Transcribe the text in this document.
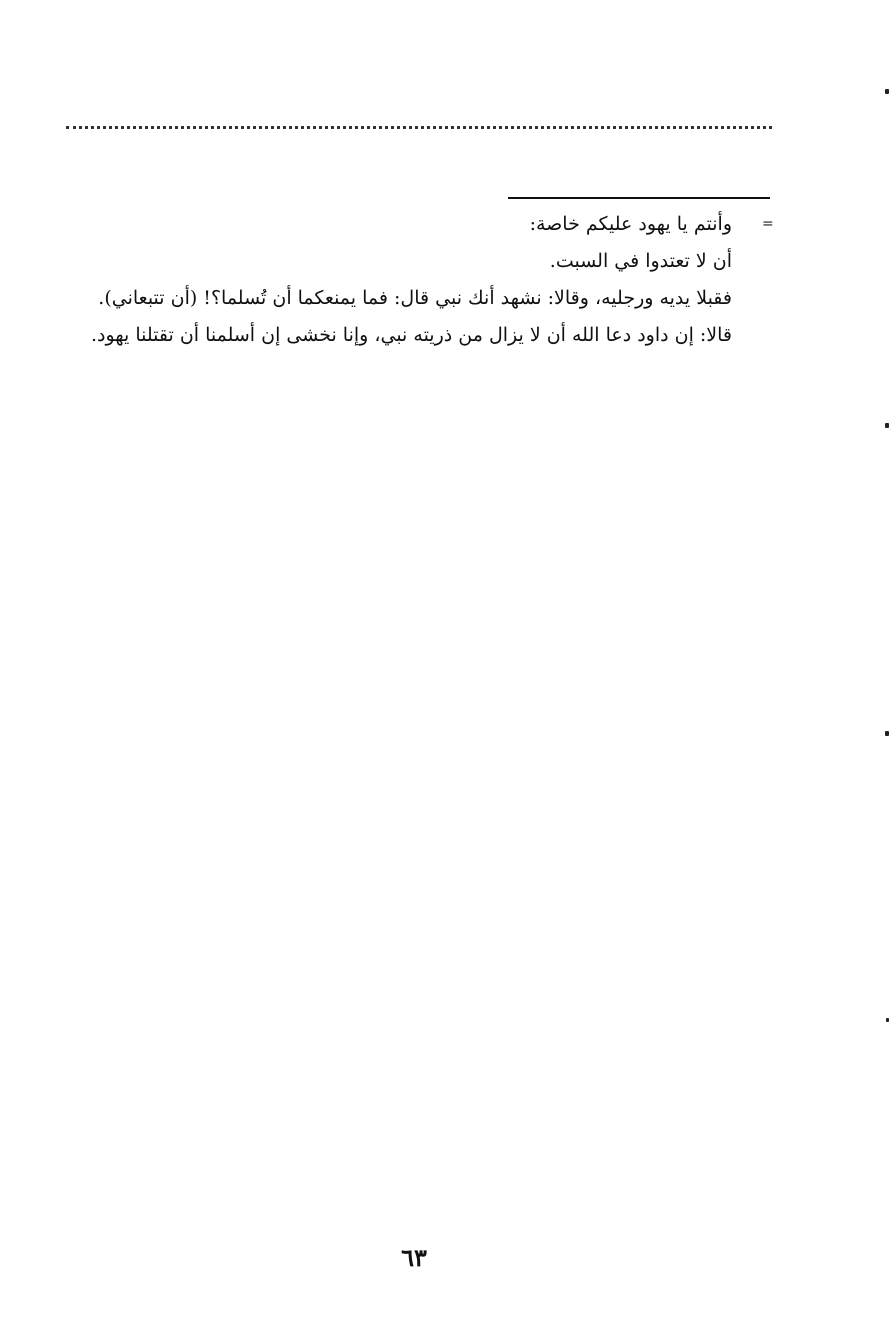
=

وأنتم يا يهود عليكم خاصة:

أن لا تعتدوا في السبت.

فقبلا يديه ورجليه، وقالا: نشهد أنك نبي قال: فما يمنعكما أن تُسلما؟! (أن تتبعاني).

قالا: إن داود دعا الله أن لا يزال من ذريته نبي، وإنا نخشى إن أسلمنا أن تقتلنا يهود.

٦٣
